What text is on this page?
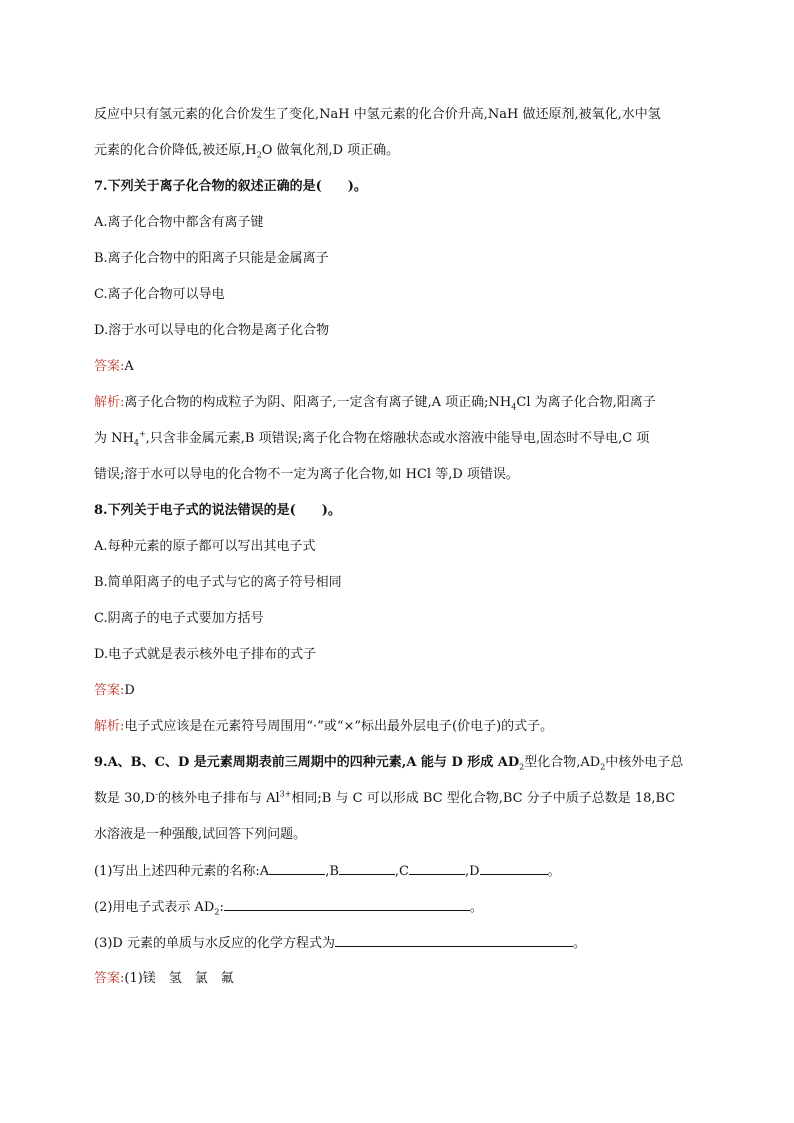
反应中只有氢元素的化合价发生了变化,NaH 中氢元素的化合价升高,NaH 做还原剂,被氧化,水中氢
元素的化合价降低,被还原$,H_2O$ 做氧化剂,D 项正确。
7.下列关于离子化合物的叙述正确的是(　　)。
A.离子化合物中都含有离子键
B.离子化合物中的阳离子只能是金属离子
C.离子化合物可以导电
D.溶于水可以导电的化合物是离子化合物
答案:A
解析:离子化合物的构成粒子为阴、阳离子,一定含有离子键,A 项正确$;NH_4Cl$ 为离子化合物,阳离子
为 $NH_4^+$,只含非金属元素,B 项错误;离子化合物在熔融状态或水溶液中能导电,固态时不导电,C 项
错误;溶于水可以导电的化合物不一定为离子化合物,如 HCl 等,D 项错误。
8.下列关于电子式的说法错误的是(　　)。
A.每种元素的原子都可以写出其电子式
B.简单阳离子的电子式与它的离子符号相同
C.阴离子的电子式要加方括号
D.电子式就是表示核外电子排布的式子
答案:D
解析:电子式应该是在元素符号周围用“·”或“×”标出最外层电子(价电子)的式子。
9.A、B、C、D 是元素周期表前三周期中的四种元素,A 能与 D 形成 $AD_2$型化合物$,AD_2$中核外电子总
数是 30,D-的核外电子排布与 $Al^{3+}$相同;B 与 C 可以形成 BC 型化合物,BC 分子中质子总数是 18,BC
水溶液是一种强酸,试回答下列问题。
(1)写出上述四种元素的名称:A	,B	,C	,D	。
(2)用电子式表示 $AD_2$:	。
(3)D 元素的单质与水反应的化学方程式为	。
答案:(1)镁　氢　氯　氟
